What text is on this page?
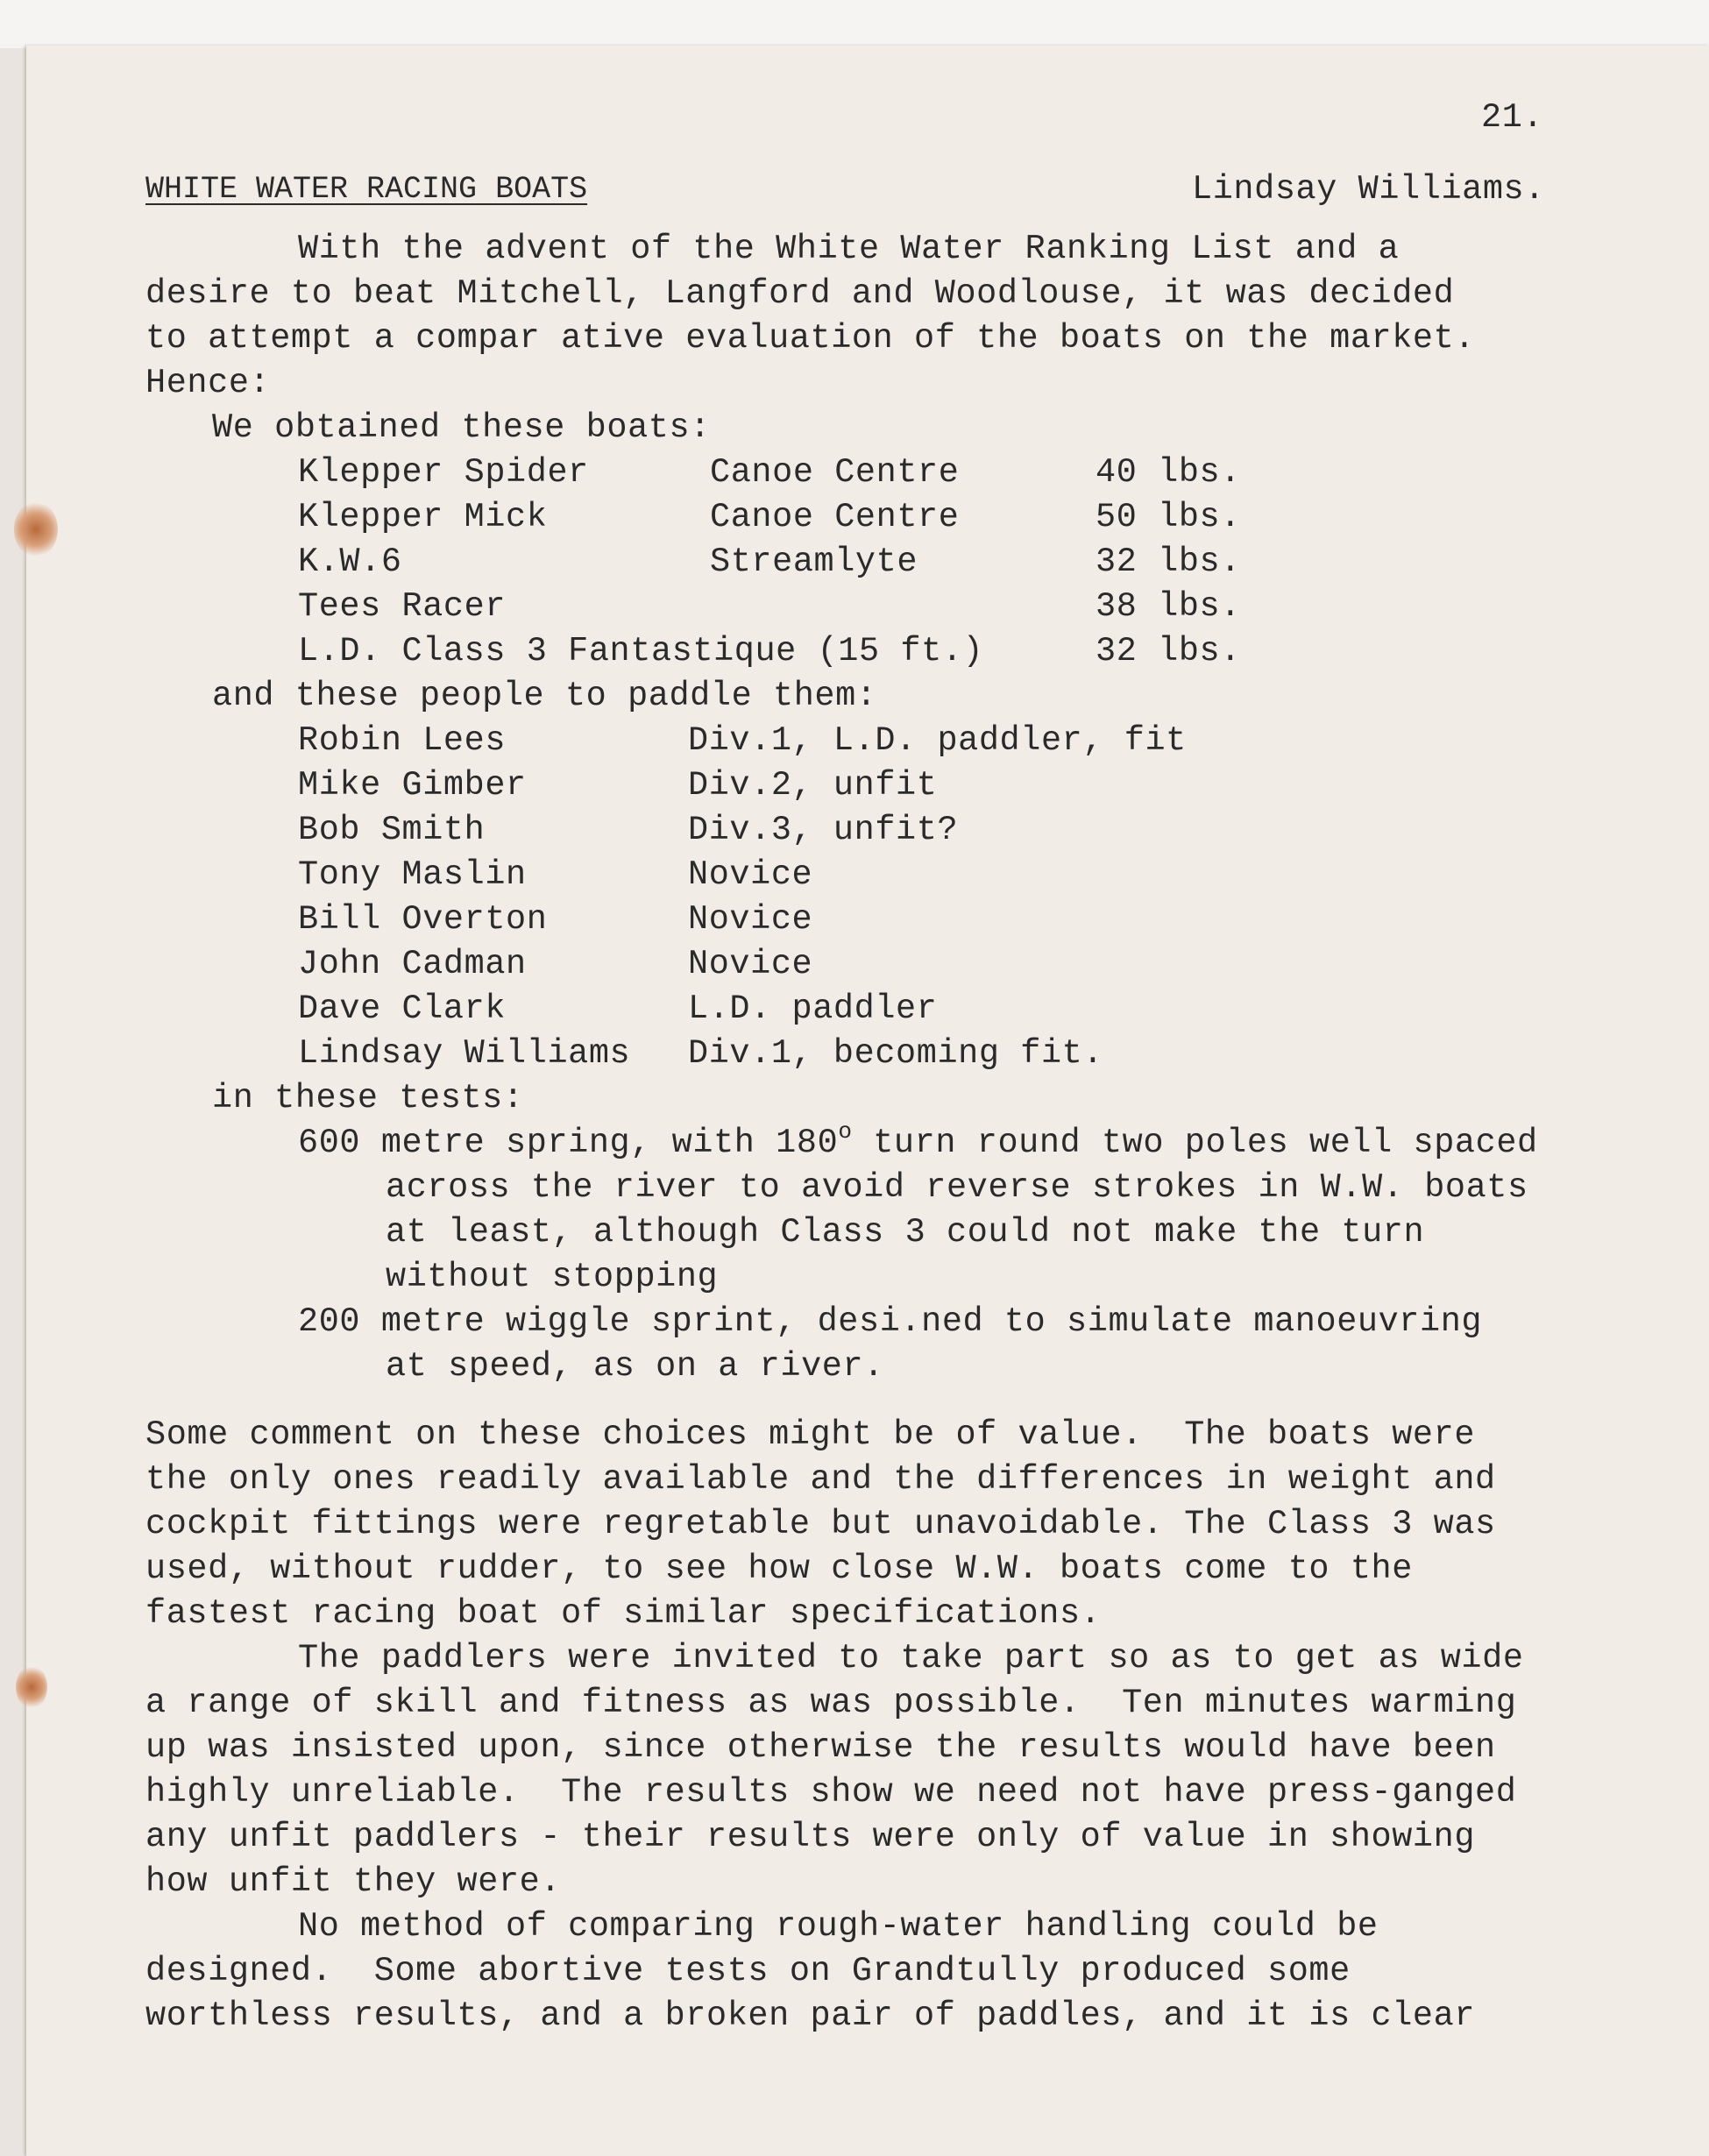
21.
WHITE WATER RACING BOATS	Lindsay Williams.
With the advent of the White Water Ranking List and a
desire to beat Mitchell, Langford and Woodlouse, it was decided
to attempt a compar ative evaluation of the boats on the market.
Hence:
We obtained these boats:
Klepper Spider	Canoe Centre	40 lbs.
Klepper Mick	Canoe Centre	50 lbs.
K.W.6	Streamlyte	32 lbs.
Tees Racer	38 lbs.
L.D. Class 3 Fantastique (15 ft.)	32 lbs.
and these people to paddle them:
Robin Lees	Div.1, L.D. paddler, fit
Mike Gimber	Div.2, unfit
Bob Smith	Div.3, unfit?
Tony Maslin	Novice
Bill Overton	Novice
John Cadman	Novice
Dave Clark	L.D. paddler
Lindsay Williams Div.1, becoming fit.
in these tests:
600 metre spring, with 180$^o$ turn round two poles well spaced
across the river to avoid reverse strokes in W.W. boats
at least, although Class 3 could not make the turn
without stopping
200 metre wiggle sprint, desi.ned to simulate manoeuvring
at speed, as on a river.
Some comment on these choices might be of value.  The boats were
the only ones readily available and the differences in weight and
cockpit fittings were regretable but unavoidable. The Class 3 was
used, without rudder, to see how close W.W. boats come to the
fastest racing boat of similar specifications.
The paddlers were invited to take part so as to get as wide
a range of skill and fitness as was possible.  Ten minutes warming
up was insisted upon, since otherwise the results would have been
highly unreliable.  The results show we need not have press-ganged
any unfit paddlers - their results were only of value in showing
how unfit they were.
No method of comparing rough-water handling could be
designed.  Some abortive tests on Grandtully produced some
worthless results, and a broken pair of paddles, and it is clear
